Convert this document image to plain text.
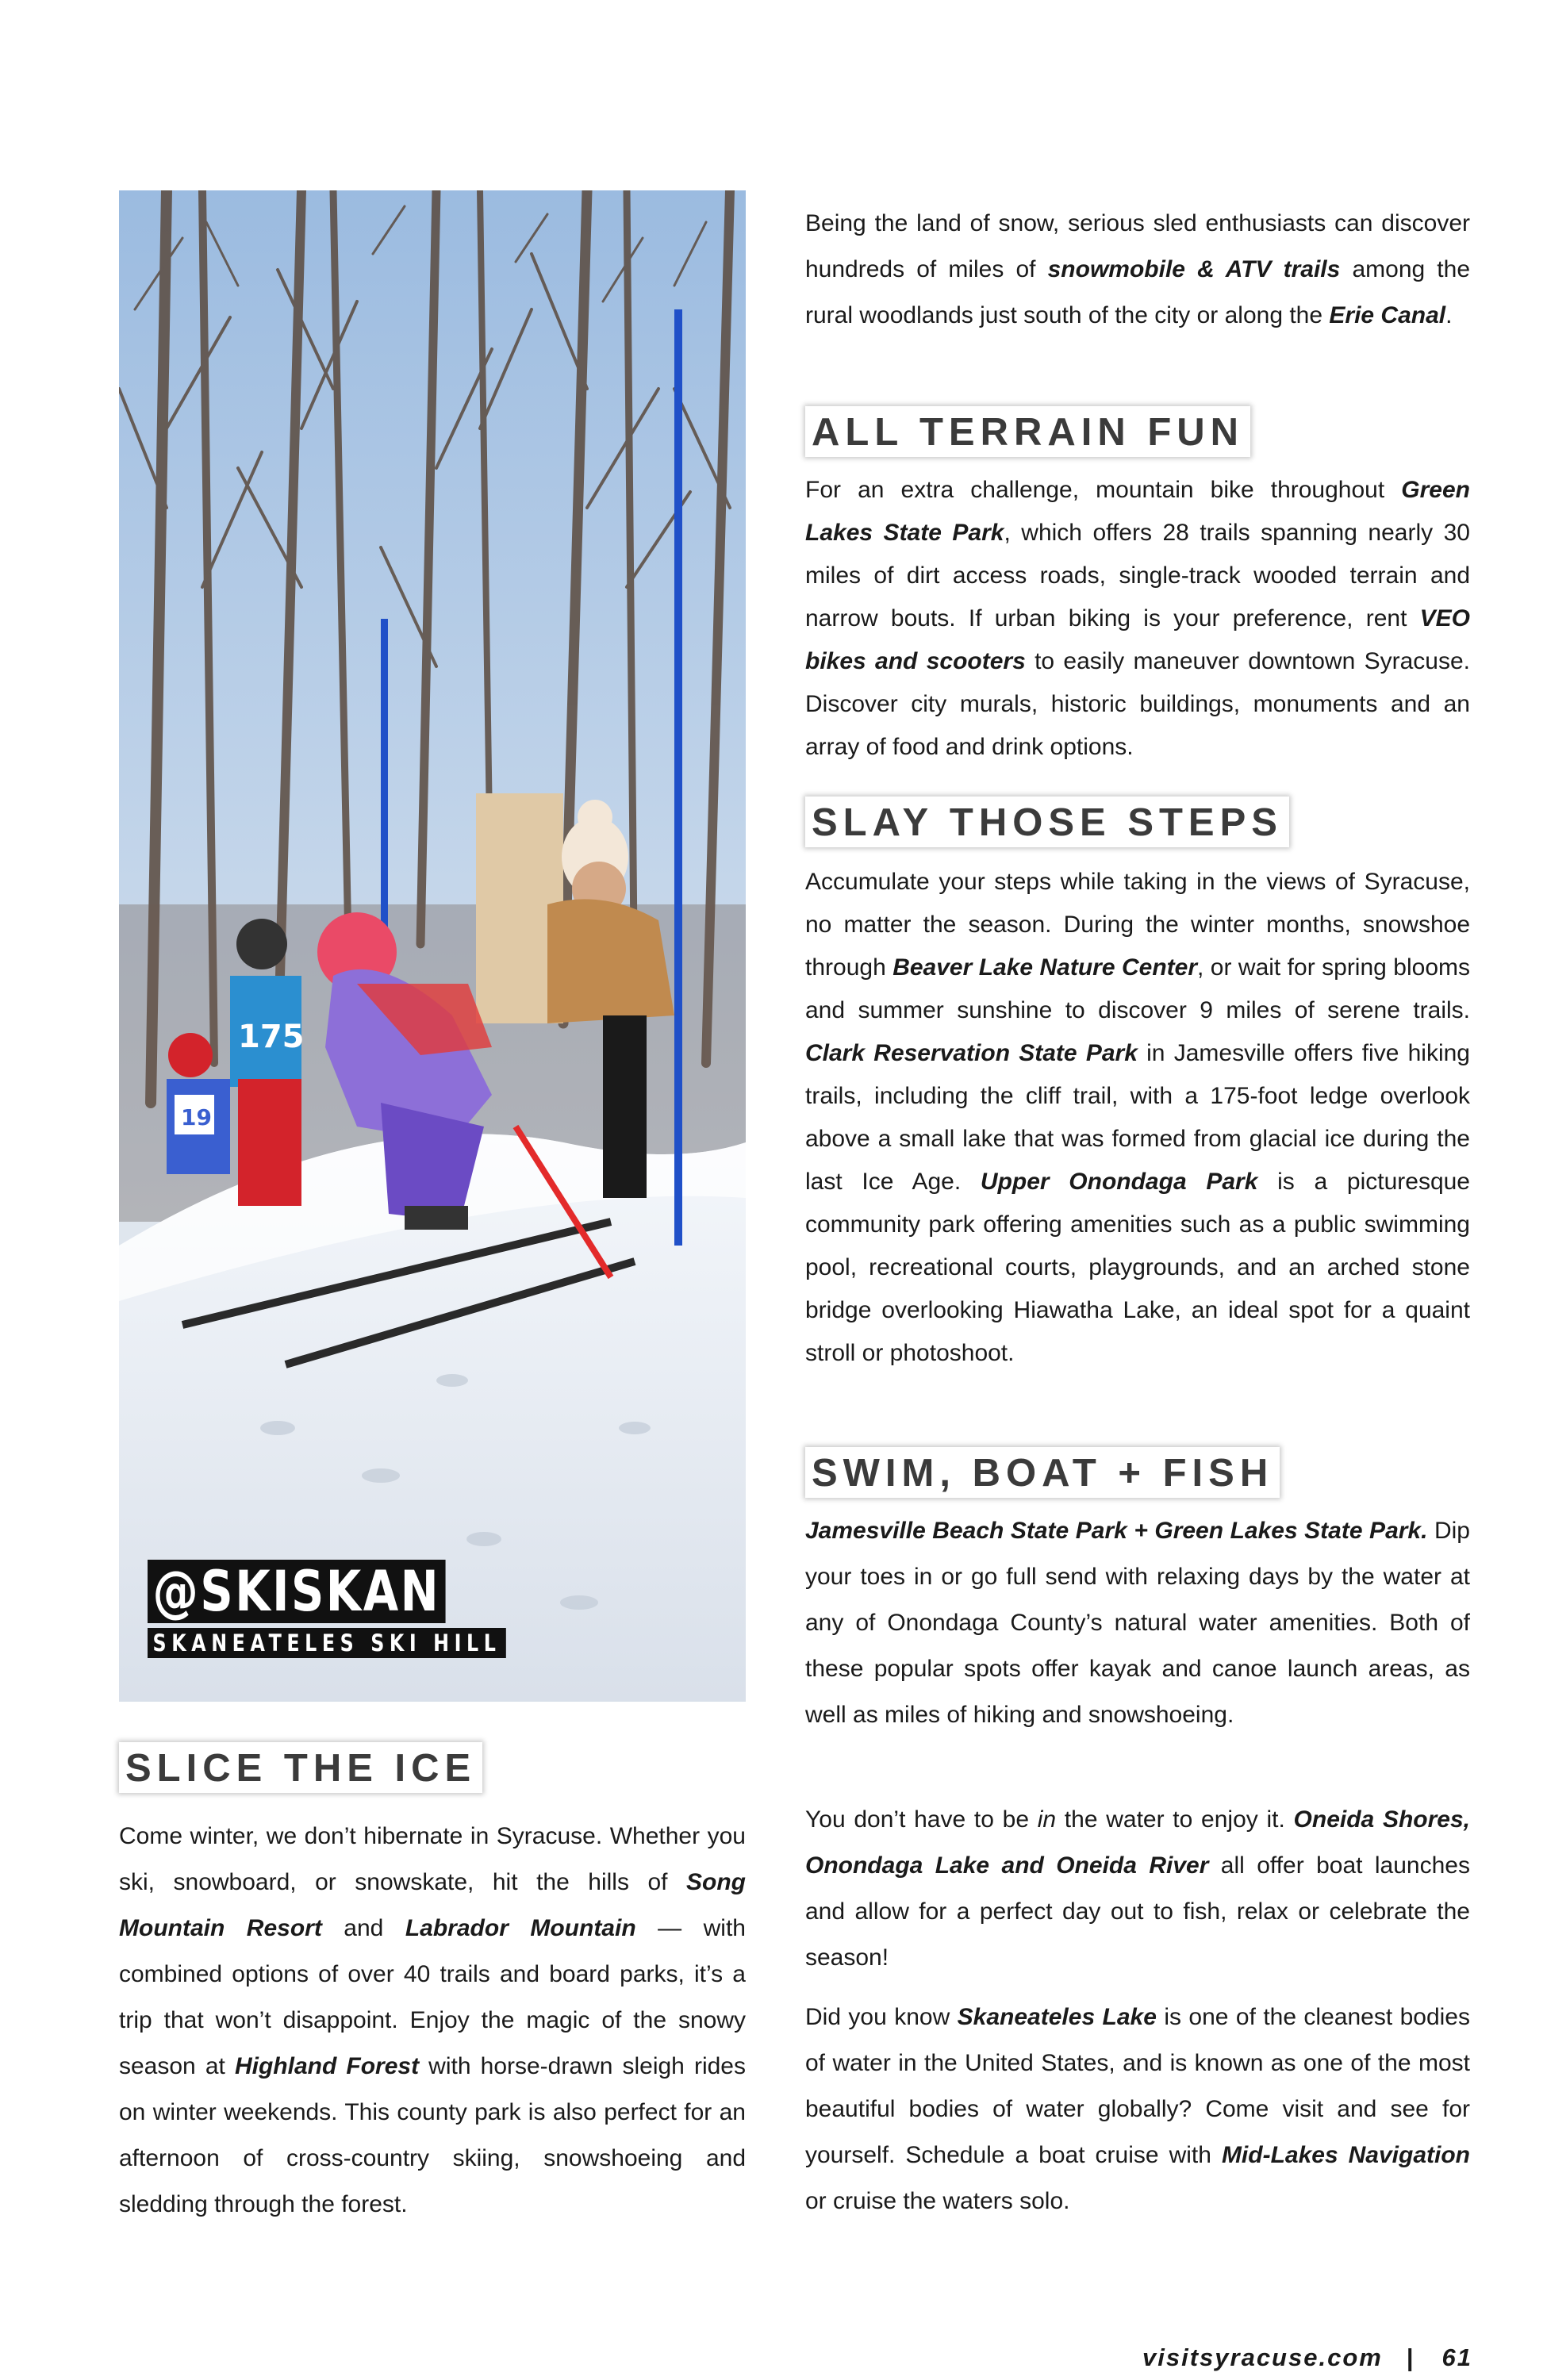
175
19
@SKISKAN
SKANEATELES SKI HILL
SLICE THE ICE
Come winter, we don’t hibernate in Syracuse. Whether you ski, snowboard, or snowskate, hit the hills of Song Mountain Resort and Labrador Mountain — with combined options of over 40 trails and board parks, it’s a trip that won’t disappoint. Enjoy the magic of the snowy season at Highland Forest with horse-drawn sleigh rides on winter weekends. This county park is also perfect for an afternoon of cross-country skiing, snowshoeing and sledding through the forest.
Being the land of snow, serious sled enthusiasts can discover hundreds of miles of snowmobile & ATV trails among the rural woodlands just south of the city or along the Erie Canal.
ALL TERRAIN FUN
For an extra challenge, mountain bike throughout Green Lakes State Park, which offers 28 trails spanning nearly 30 miles of dirt access roads, single-track wooded terrain and narrow bouts. If urban biking is your preference, rent VEO bikes and scooters to easily maneuver downtown Syracuse. Discover city murals, historic buildings, monuments and an array of food and drink options.
SLAY THOSE STEPS
Accumulate your steps while taking in the views of Syracuse, no matter the season. During the winter months, snowshoe through Beaver Lake Nature Center, or wait for spring blooms and summer sunshine to discover 9 miles of serene trails. Clark Reservation State Park in Jamesville offers five hiking trails, including the cliff trail, with a 175-foot ledge overlook above a small lake that was formed from glacial ice during the last Ice Age. Upper Onondaga Park is a picturesque community park offering amenities such as a public swimming pool, recreational courts, playgrounds, and an arched stone bridge overlooking Hiawatha Lake, an ideal spot for a quaint stroll or photoshoot.
SWIM, BOAT + FISH
Jamesville Beach State Park + Green Lakes State Park. Dip your toes in or go full send with relaxing days by the water at any of Onondaga County’s natural water amenities. Both of these popular spots offer kayak and canoe launch areas, as well as miles of hiking and snowshoeing.
You don’t have to be in the water to enjoy it. Oneida Shores, Onondaga Lake and Oneida River all offer boat launches and allow for a perfect day out to fish, relax or celebrate the season!
Did you know Skaneateles Lake is one of the cleanest bodies of water in the United States, and is known as one of the most beautiful bodies of water globally? Come visit and see for yourself. Schedule a boat cruise with Mid-Lakes Navigation or cruise the waters solo.
visitsyracuse.com | 61
